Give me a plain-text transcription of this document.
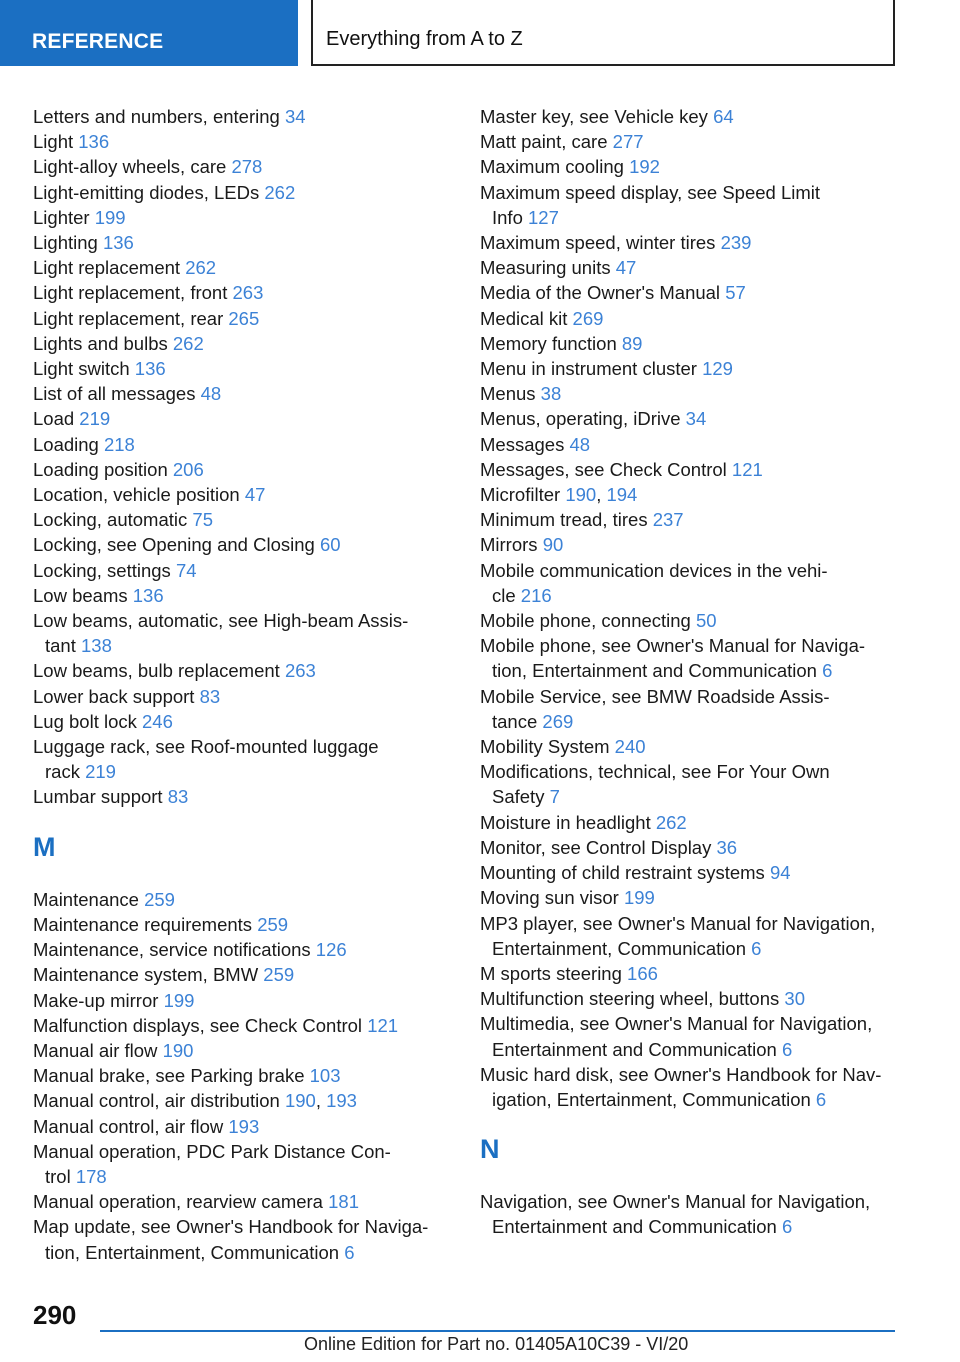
REFERENCE	Everything from A to Z
Letters and numbers, entering 34
Light 136
Light-alloy wheels, care 278
Light-emitting diodes, LEDs 262
Lighter 199
Lighting 136
Light replacement 262
Light replacement, front 263
Light replacement, rear 265
Lights and bulbs 262
Light switch 136
List of all messages 48
Load 219
Loading 218
Loading position 206
Location, vehicle position 47
Locking, automatic 75
Locking, see Opening and Closing 60
Locking, settings 74
Low beams 136
Low beams, automatic, see High-beam Assis-
tant 138
Low beams, bulb replacement 263
Lower back support 83
Lug bolt lock 246
Luggage rack, see Roof-mounted luggage
rack 219
Lumbar support 83
M
Maintenance 259
Maintenance requirements 259
Maintenance, service notifications 126
Maintenance system, BMW 259
Make-up mirror 199
Malfunction displays, see Check Control 121
Manual air flow 190
Manual brake, see Parking brake 103
Manual control, air distribution 190, 193
Manual control, air flow 193
Manual operation, PDC Park Distance Con-
trol 178
Manual operation, rearview camera 181
Map update, see Owner's Handbook for Naviga-
tion, Entertainment, Communication 6
Master key, see Vehicle key 64
Matt paint, care 277
Maximum cooling 192
Maximum speed display, see Speed Limit
Info 127
Maximum speed, winter tires 239
Measuring units 47
Media of the Owner's Manual 57
Medical kit 269
Memory function 89
Menu in instrument cluster 129
Menus 38
Menus, operating, iDrive 34
Messages 48
Messages, see Check Control 121
Microfilter 190, 194
Minimum tread, tires 237
Mirrors 90
Mobile communication devices in the vehi-
cle 216
Mobile phone, connecting 50
Mobile phone, see Owner's Manual for Naviga-
tion, Entertainment and Communication 6
Mobile Service, see BMW Roadside Assis-
tance 269
Mobility System 240
Modifications, technical, see For Your Own
Safety 7
Moisture in headlight 262
Monitor, see Control Display 36
Mounting of child restraint systems 94
Moving sun visor 199
MP3 player, see Owner's Manual for Navigation,
Entertainment, Communication 6
M sports steering 166
Multifunction steering wheel, buttons 30
Multimedia, see Owner's Manual for Navigation,
Entertainment and Communication 6
Music hard disk, see Owner's Handbook for Nav-
igation, Entertainment, Communication 6
N
Navigation, see Owner's Manual for Navigation,
Entertainment and Communication 6
290
Online Edition for Part no. 01405A10C39 - VI/20
